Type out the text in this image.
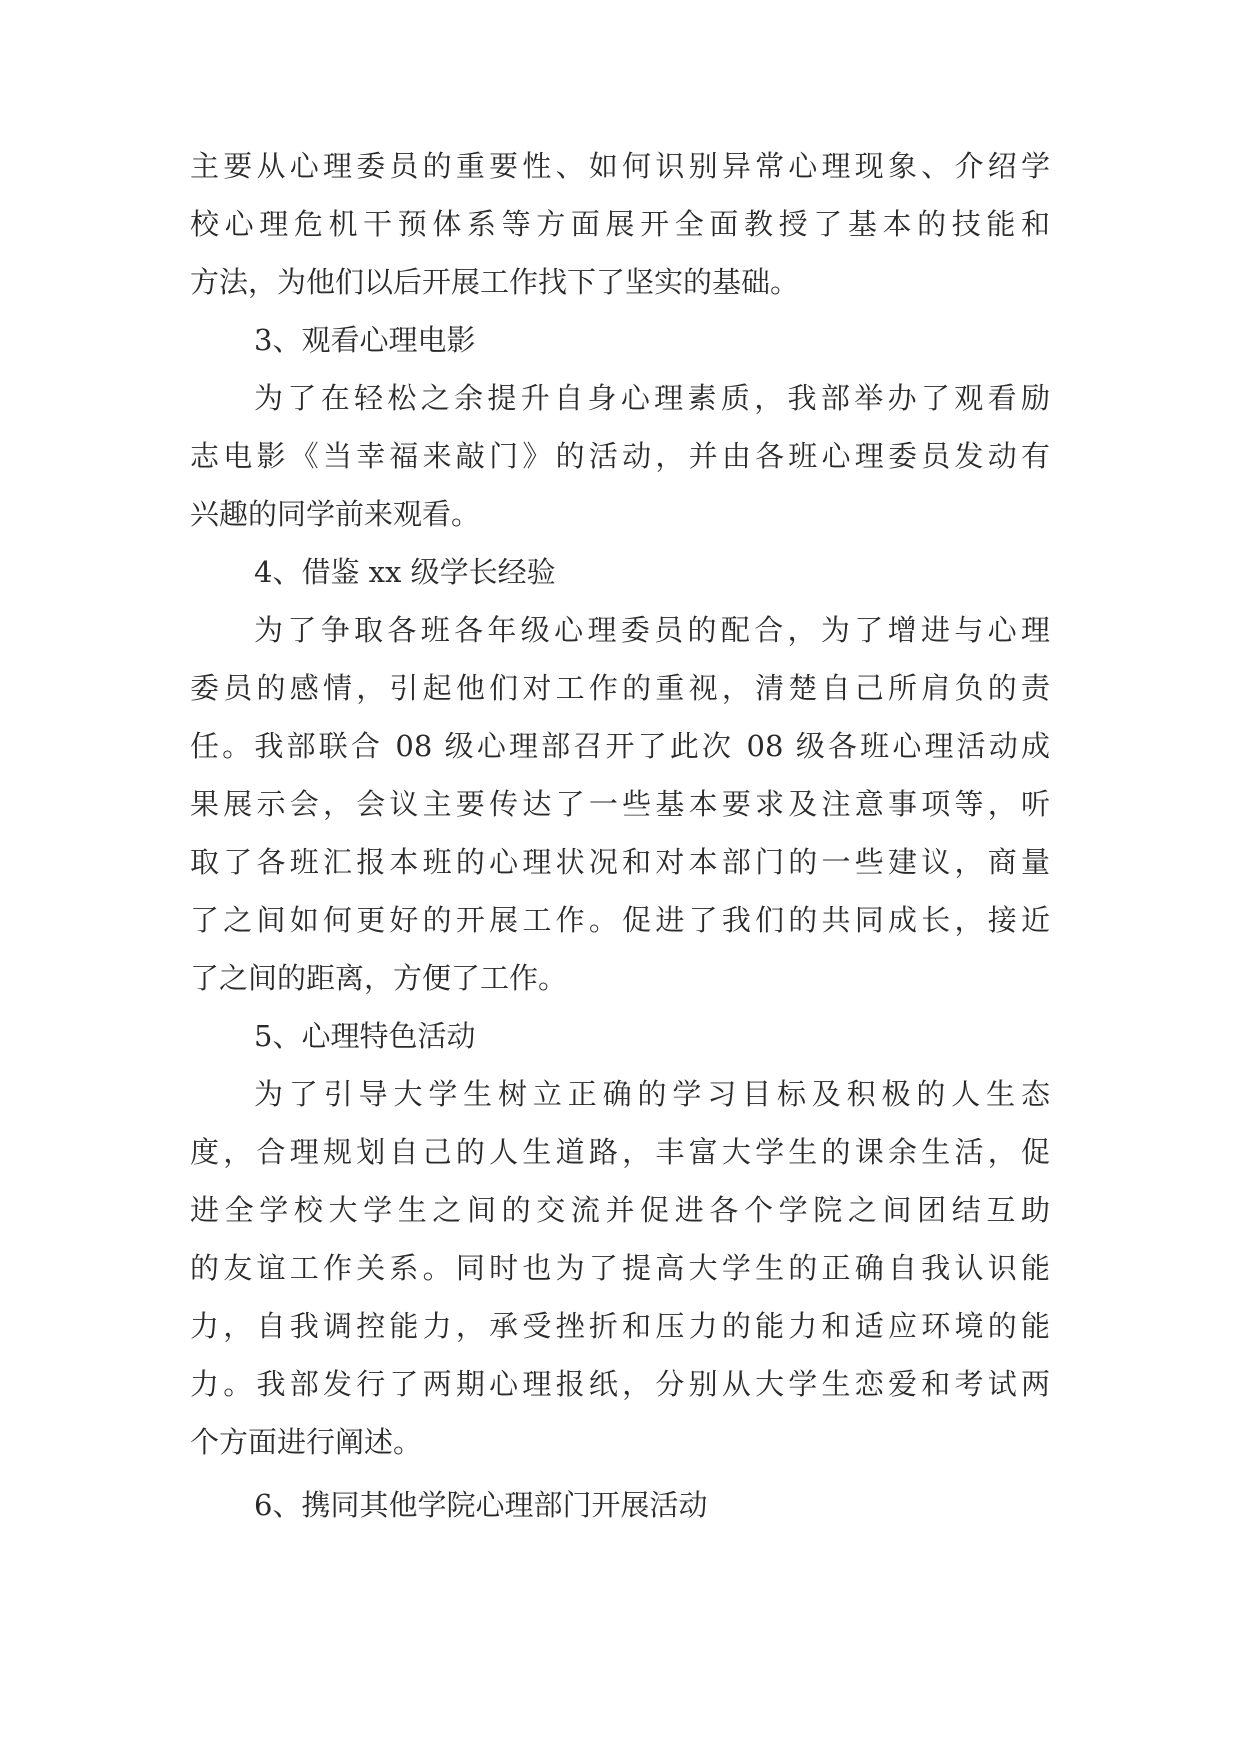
主要从心理委员的重要性、如何识别异常心理现象、介绍学
校心理危机干预体系等方面展开全面教授了基本的技能和
方法，为他们以后开展工作找下了坚实的基础。
3、观看心理电影
为了在轻松之余提升自身心理素质，我部举办了观看励
志电影《当幸福来敲门》的活动，并由各班心理委员发动有
兴趣的同学前来观看。
4、借鉴 xx 级学长经验
为了争取各班各年级心理委员的配合，为了增进与心理
委员的感情，引起他们对工作的重视，清楚自己所肩负的责
任。我部联合 08 级心理部召开了此次 08 级各班心理活动成
果展示会，会议主要传达了一些基本要求及注意事项等，听
取了各班汇报本班的心理状况和对本部门的一些建议，商量
了之间如何更好的开展工作。促进了我们的共同成长，接近
了之间的距离，方便了工作。
5、心理特色活动
为了引导大学生树立正确的学习目标及积极的人生态
度，合理规划自己的人生道路，丰富大学生的课余生活，促
进全学校大学生之间的交流并促进各个学院之间团结互助
的友谊工作关系。同时也为了提高大学生的正确自我认识能
力，自我调控能力，承受挫折和压力的能力和适应环境的能
力。我部发行了两期心理报纸，分别从大学生恋爱和考试两
个方面进行阐述。
6、携同其他学院心理部门开展活动
